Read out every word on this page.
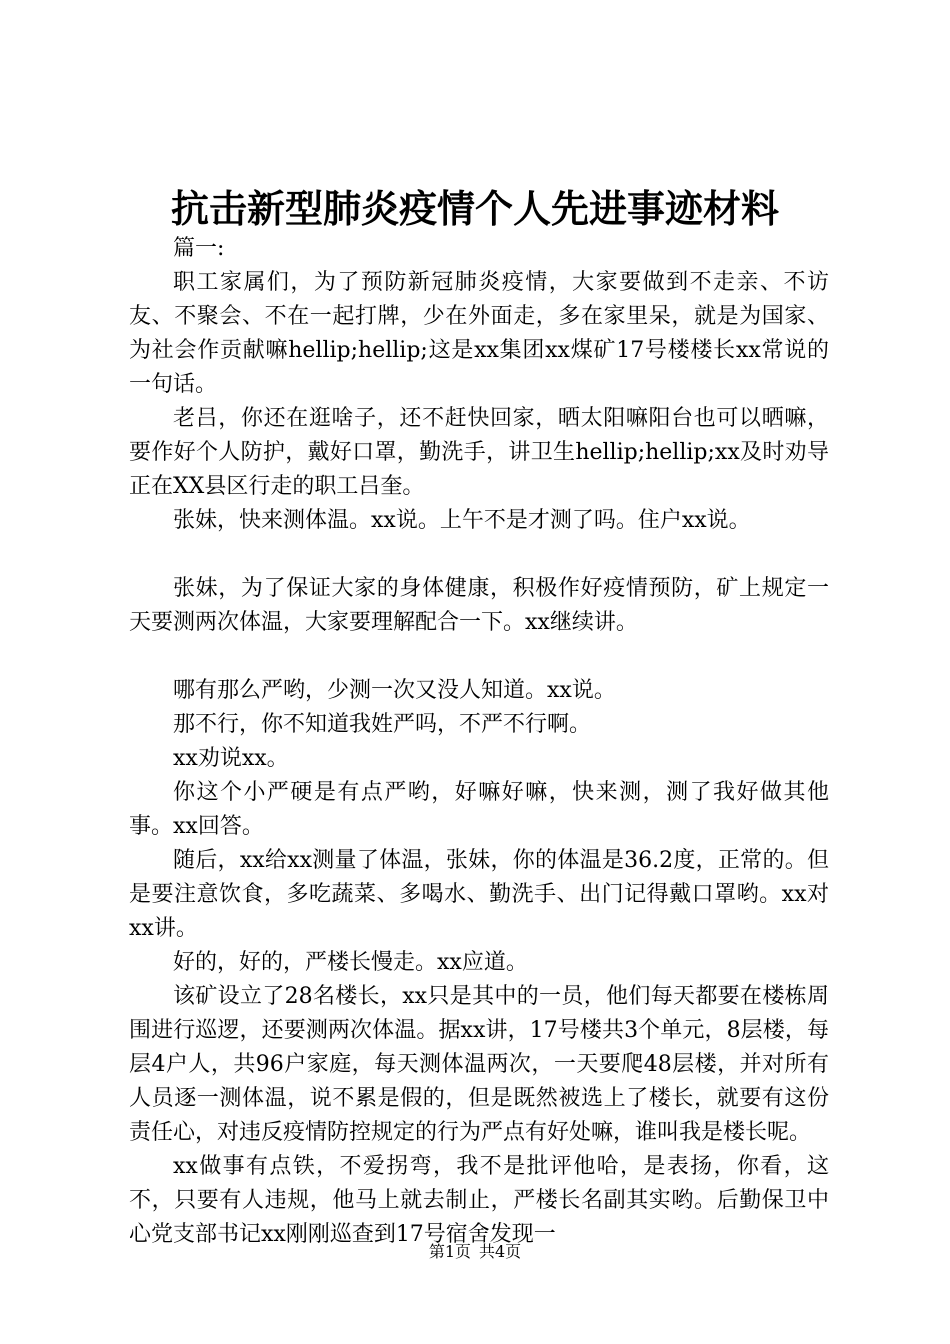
抗击新型肺炎疫情个人先进事迹材料

篇一:

职工家属们，为了预防新冠肺炎疫情，大家要做到不走亲、不访友、不聚会、不在一起打牌，少在外面走，多在家里呆，就是为国家、为社会作贡献嘛hellip;hellip;这是xx集团xx煤矿17号楼楼长xx常说的一句话。

老吕，你还在逛啥子，还不赶快回家，晒太阳嘛阳台也可以晒嘛，要作好个人防护，戴好口罩，勤洗手，讲卫生hellip;hellip;xx及时劝导正在XX县区行走的职工吕奎。

张妹，快来测体温。xx说。上午不是才测了吗。住户xx说。

张妹，为了保证大家的身体健康，积极作好疫情预防，矿上规定一天要测两次体温，大家要理解配合一下。xx继续讲。

哪有那么严哟，少测一次又没人知道。xx说。

那不行，你不知道我姓严吗，不严不行啊。

xx劝说xx。

你这个小严硬是有点严哟，好嘛好嘛，快来测，测了我好做其他事。xx回答。

随后，xx给xx测量了体温，张妹，你的体温是36.2度，正常的。但是要注意饮食，多吃蔬菜、多喝水、勤洗手、出门记得戴口罩哟。xx对xx讲。

好的，好的，严楼长慢走。xx应道。

该矿设立了28名楼长，xx只是其中的一员，他们每天都要在楼栋周围进行巡逻，还要测两次体温。据xx讲，17号楼共3个单元，8层楼，每层4户人，共96户家庭，每天测体温两次，一天要爬48层楼，并对所有人员逐一测体温，说不累是假的，但是既然被选上了楼长，就要有这份责任心，对违反疫情防控规定的行为严点有好处嘛，谁叫我是楼长呢。

xx做事有点铁，不爱拐弯，我不是批评他哈，是表扬，你看，这不，只要有人违规，他马上就去制止，严楼长名副其实哟。后勤保卫中心党支部书记xx刚刚巡查到17号宿舍发现一

第1页 共4页
